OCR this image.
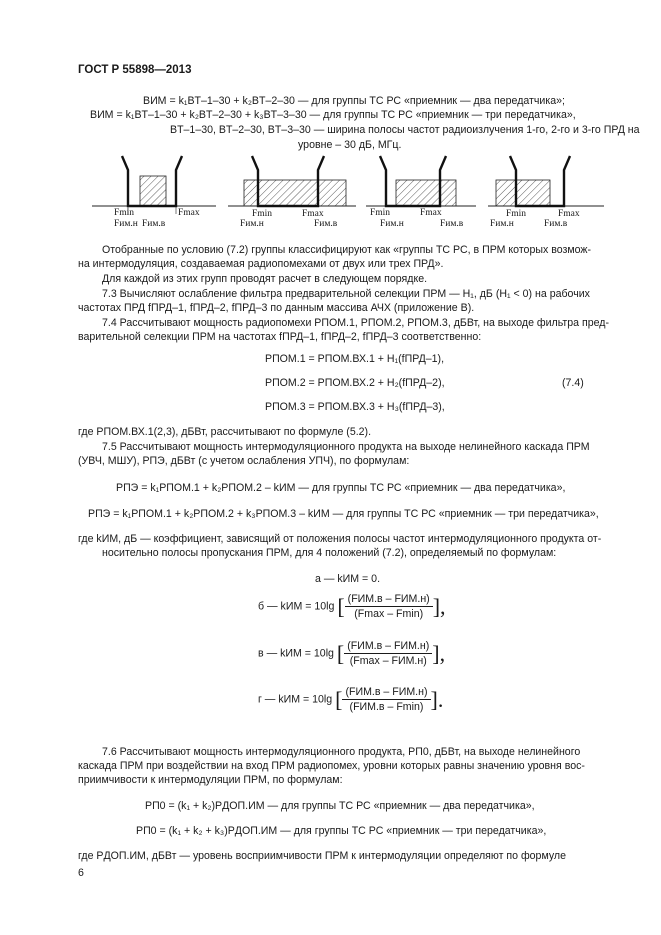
ГОСТ Р 55898—2013
BИМ = k₁BТ–1–30 + k₂BТ–2–30 — для группы ТС РС «приемник — два передатчика»;
BИМ = k₁BТ–1–30 + k₂BТ–2–30 + k₃BТ–3–30 — для группы ТС РС «приемник — три передатчика»,
BТ–1–30, BТ–2–30, BТ–3–30 — ширина полосы частот радиоизлучения 1-го, 2-го и 3-го ПРД на
уровне – 30 дБ, МГц.
Fmin	Fmax
Fим.н Fим.в
Fmin	Fmax
Fим.н	Fим.в
Fmin	Fmax
Fим.н	Fим.в
Fmin	Fmax
Fим.н	Fим.в
Отобранные по условию (7.2) группы классифицируют как «группы ТС РС, в ПРМ которых возмож-
на интермодуляция, создаваемая радиопомехами от двух или трех ПРД».
Для каждой из этих групп проводят расчет в следующем порядке.
7.3 Вычисляют ослабление фильтра предварительной селекции ПРМ — H₁, дБ (H₁ < 0) на рабочих
частотах ПРД fПРД–1, fПРД–2, fПРД–3 по данным массива АЧХ (приложение В).
7.4 Рассчитывают мощность радиопомехи PПОМ.1, PПОМ.2, PПОМ.3, дБВт, на выходе фильтра пред-
варительной селекции ПРМ на частотах fПРД–1, fПРД–2, fПРД–3 соответственно:
PПОМ.1 = PПОМ.ВХ.1 + H₁(fПРД–1),
PПОМ.2 = PПОМ.ВХ.2 + H₂(fПРД–2),
PПОМ.3 = PПОМ.ВХ.3 + H₃(fПРД–3),
(7.4)
где PПОМ.ВХ.1(2,3), дБВт, рассчитывают по формуле (5.2).
7.5 Рассчитывают мощность интермодуляционного продукта на выходе нелинейного каскада ПРМ
(УВЧ, МШУ), PПЭ, дБВт (с учетом ослабления УПЧ), по формулам:
PПЭ = k₁PПОМ.1 + k₂PПОМ.2 – kИМ — для группы ТС РС «приемник — два передатчика»,
PПЭ = k₁PПОМ.1 + k₂PПОМ.2 + k₃PПОМ.3 – kИМ — для группы ТС РС «приемник — три передатчика»,
где kИМ, дБ — коэффициент, зависящий от положения полосы частот интермодуляционного продукта от-
носительно полосы пропускания ПРМ, для 4 положений (7.2), определяемый по формулам:
а — kИМ = 0.
б — kИМ = 10lg [ $\frac{\text{(FИМ.в – FИМ.н)}}{(Fmax - Fmin)}$ ],
в — kИМ = 10lg [ $\frac{\text{(FИМ.в – FИМ.н)}}{\text{(Fmax – FИМ.н)}}$ ],
г — kИМ = 10lg [ $\frac{\text{(FИМ.в – FИМ.н)}}{\text{(FИМ.в – Fmin)}}$ ].
7.6 Рассчитывают мощность интермодуляционного продукта, PП0, дБВт, на выходе нелинейного
каскада ПРМ при воздействии на вход ПРМ радиопомех, уровни которых равны значению уровня вос-
приимчивости к интермодуляции ПРМ, по формулам:
PП0 = (k₁ + k₂)PДОП.ИМ — для группы ТС РС «приемник — два передатчика»,
PП0 = (k₁ + k₂ + k₃)PДОП.ИМ — для группы ТС РС «приемник — три передатчика»,
где PДОП.ИМ, дБВт — уровень восприимчивости ПРМ к интермодуляции определяют по формуле
6
